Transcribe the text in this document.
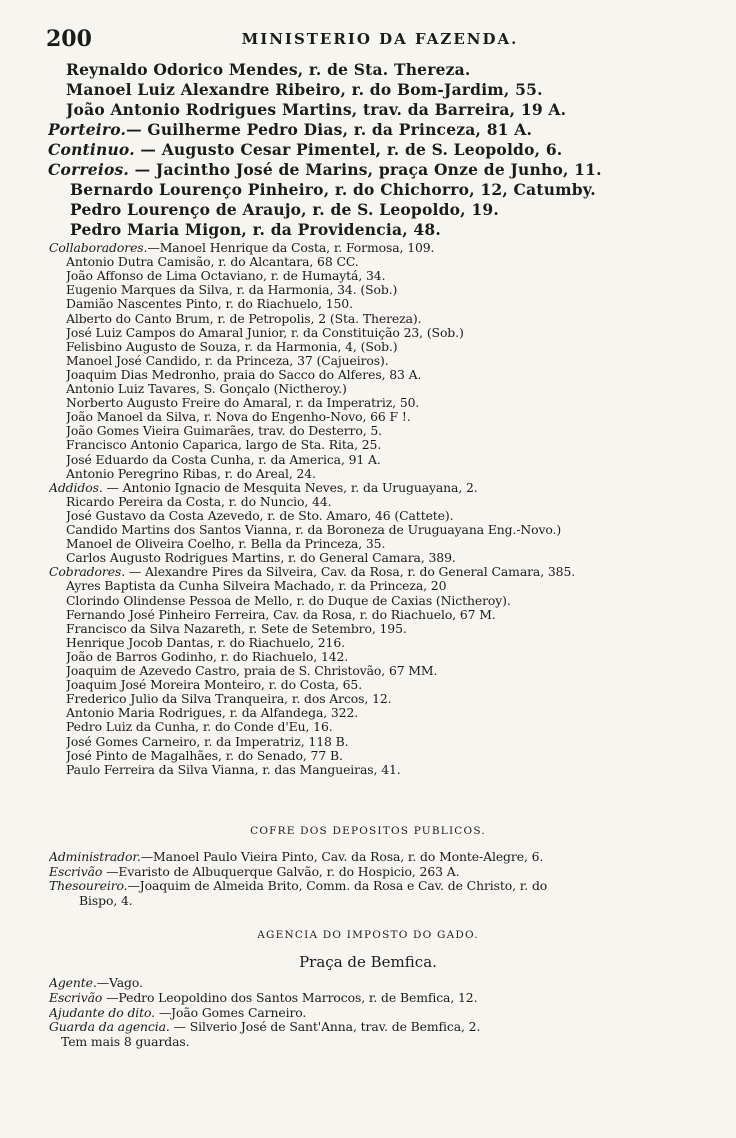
200	MINISTERIO DA FAZENDA.
Reynaldo Odorico Mendes, r. de Sta. Thereza.
Manoel Luiz Alexandre Ribeiro, r. do Bom-Jardim, 55.
João Antonio Rodrigues Martins, trav. da Barreira, 19 A.
Porteiro.— Guilherme Pedro Dias, r. da Princeza, 81 A.
Continuo. — Augusto Cesar Pimentel, r. de S. Leopoldo, 6.
Correios. — Jacintho José de Marins, praça Onze de Junho, 11.
Bernardo Lourenço Pinheiro, r. do Chichorro, 12, Catumby.
Pedro Lourenço de Araujo, r. de S. Leopoldo, 19.
Pedro Maria Migon, r. da Providencia, 48.
Collaboradores.—Manoel Henrique da Costa, r. Formosa, 109.
Antonio Dutra Camisão, r. do Alcantara, 68 CC.
João Affonso de Lima Octaviano, r. de Humaytá, 34.
Eugenio Marques da Silva, r. da Harmonia, 34. (Sob.)
Damião Nascentes Pinto, r. do Riachuelo, 150.
Alberto do Canto Brum, r. de Petropolis, 2 (Sta. Thereza).
José Luiz Campos do Amaral Junior, r. da Constituição 23, (Sob.)
Felisbino Augusto de Souza, r. da Harmonia, 4, (Sob.)
Manoel José Candido, r. da Princeza, 37 (Cajueiros).
Joaquim Dias Medronho, praia do Sacco do Alferes, 83 A.
Antonio Luiz Tavares, S. Gonçalo (Nictheroy.)
Norberto Augusto Freire do Amaral, r. da Imperatriz, 50.
João Manoel da Silva, r. Nova do Engenho-Novo, 66 F !.
João Gomes Vieira Guimarães, trav. do Desterro, 5.
Francisco Antonio Caparica, largo de Sta. Rita, 25.
José Eduardo da Costa Cunha, r. da America, 91 A.
Antonio Peregrino Ribas, r. do Areal, 24.
Addidos. — Antonio Ignacio de Mesquita Neves, r. da Uruguayana, 2.
Ricardo Pereira da Costa, r. do Nuncio, 44.
José Gustavo da Costa Azevedo, r. de Sto. Amaro, 46 (Cattete).
Candido Martins dos Santos Vianna, r. da Boroneza de Uruguayana Eng.-Novo.)
Manoel de Oliveira Coelho, r. Bella da Princeza, 35.
Carlos Augusto Rodrigues Martins, r. do General Camara, 389.
Cobradores. — Alexandre Pires da Silveira, Cav. da Rosa, r. do General Camara, 385.
Ayres Baptista da Cunha Silveira Machado, r. da Princeza, 20
Clorindo Olindense Pessoa de Mello, r. do Duque de Caxias (Nictheroy).
Fernando José Pinheiro Ferreira, Cav. da Rosa, r. do Riachuelo, 67 M.
Francisco da Silva Nazareth, r. Sete de Setembro, 195.
Henrique Jocob Dantas, r. do Riachuelo, 216.
João de Barros Godinho, r. do Riachuelo, 142.
Joaquim de Azevedo Castro, praia de S. Christovão, 67 MM.
Joaquim José Moreira Monteiro, r. do Costa, 65.
Frederico Julio da Silva Tranqueira, r. dos Arcos, 12.
Antonio Maria Rodrigues, r. da Alfandega, 322.
Pedro Luiz da Cunha, r. do Conde d'Eu, 16.
José Gomes Carneiro, r. da Imperatriz, 118 B.
José Pinto de Magalhães, r. do Senado, 77 B.
Paulo Ferreira da Silva Vianna, r. das Mangueiras, 41.
COFRE DOS DEPOSITOS PUBLICOS.
Administrador.—Manoel Paulo Vieira Pinto, Cav. da Rosa, r. do Monte-Alegre, 6.
Escrivão —Evaristo de Albuquerque Galvão, r. do Hospicio, 263 A.
Thesoureiro.—Joaquim de Almeida Brito, Comm. da Rosa e Cav. de Christo, r. do
Bispo, 4.
AGENCIA DO IMPOSTO DO GADO.
Praça de Bemfica.
Agente.—Vago.
Escrivão —Pedro Leopoldino dos Santos Marrocos, r. de Bemfica, 12.
Ajudante do dito. —João Gomes Carneiro.
Guarda da agencia. — Silverio José de Sant'Anna, trav. de Bemfica, 2.
Tem mais 8 guardas.
